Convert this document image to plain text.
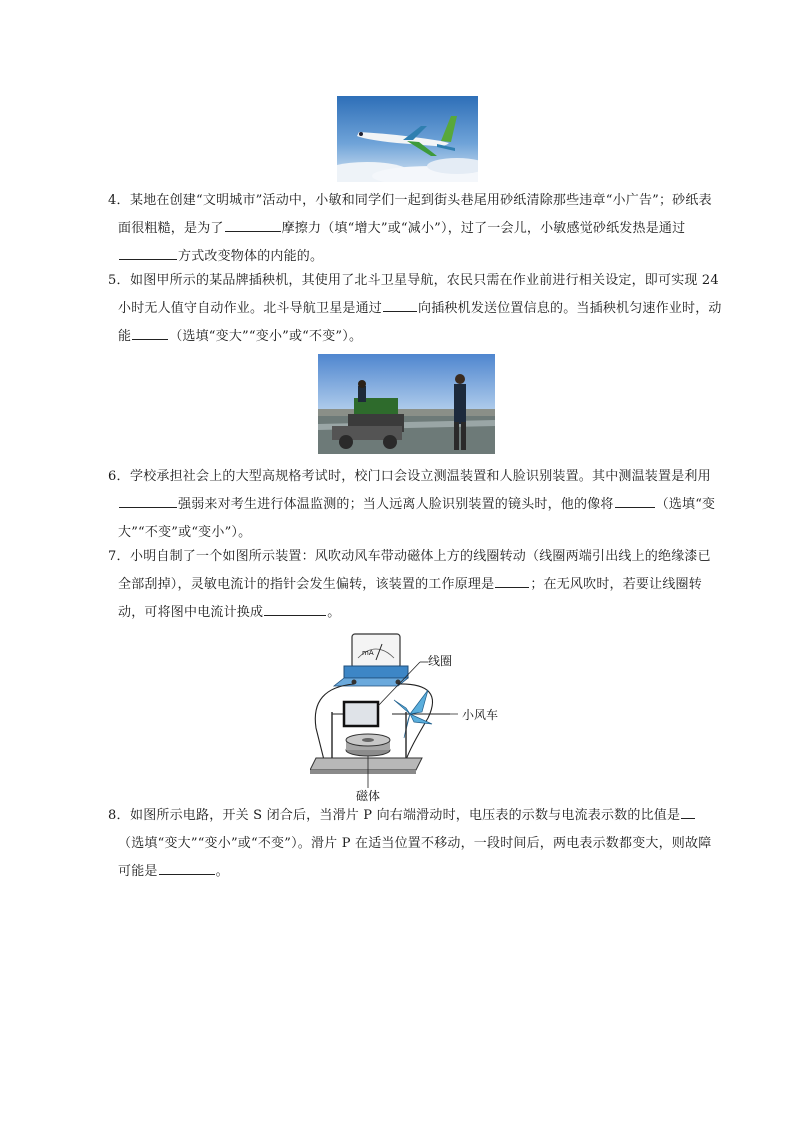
4． 某地在创建“文明城市”活动中，小敏和同学们一起到街头巷尾用砂纸清除那些违章“小广告”；砂纸表面很粗糙，是为了	摩擦力（填“增大”或“减小”），过了一会儿，小敏感觉砂纸发热是通过方式改变物体的内能的。
5． 如图甲所示的某品牌插秧机，其使用了北斗卫星导航，农民只需在作业前进行相关设定，即可实现 24 小时无人值守自动作业。北斗导航卫星是通过	向插秧机发送位置信息的。当插秧机匀速作业时，动能	（选填“变大”“变小”或“不变”）。
6． 学校承担社会上的大型高规格考试时，校门口会设立测温装置和人脸识别装置。其中测温装置是利用强弱来对考生进行体温监测的；当人远离人脸识别装置的镜头时，他的像将	（选填“变大”“不变”或“变小”）。
7． 小明自制了一个如图所示装置：风吹动风车带动磁体上方的线圈转动（线圈两端引出线上的绝缘漆已全部刮掉），灵敏电流计的指针会发生偏转，该装置的工作原理是	；在无风吹时，若要让线圈转动，可将图中电流计换成	。
mA
线圈
小风车
磁体
8． 如图所示电路，开关 S 闭合后，当滑片 P 向右端滑动时，电压表的示数与电流表示数的比值是（选填“变大”“变小”或“不变”）。滑片 P 在适当位置不移动，一段时间后，两电表示数都变大，则故障可能是	。
